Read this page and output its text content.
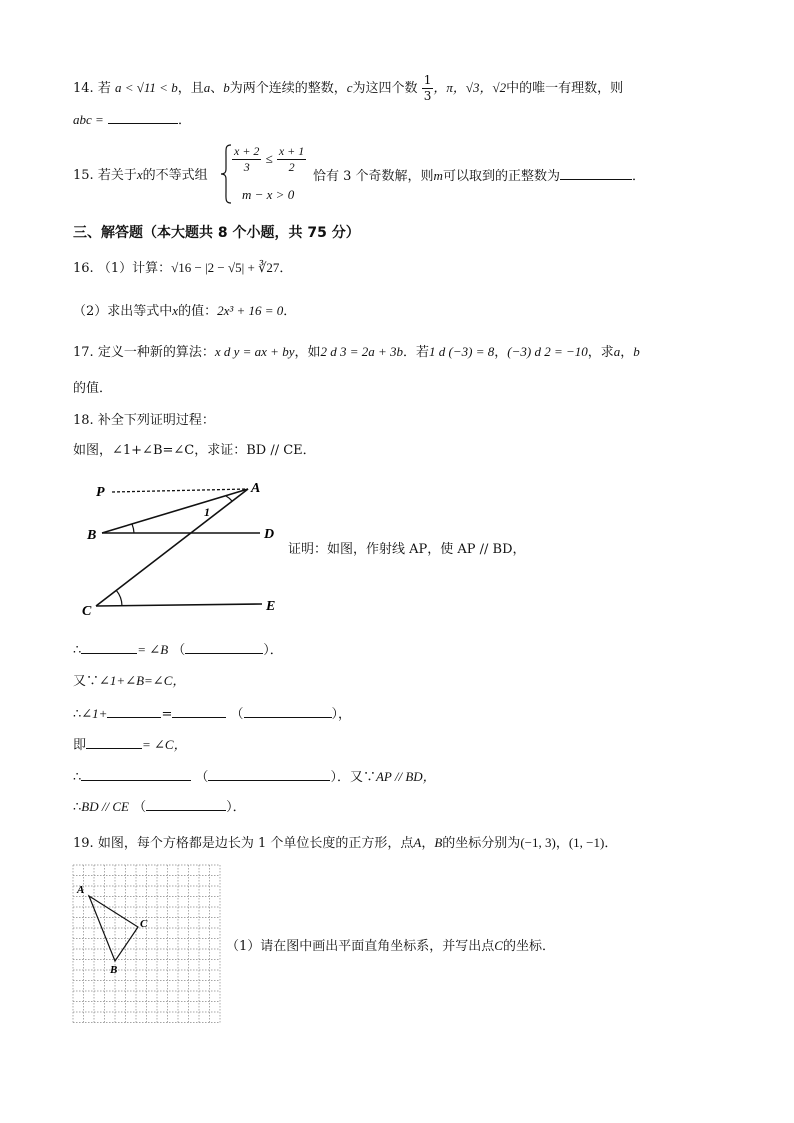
14. 若 a < √11 < b，且a、b为两个连续的整数，c为这四个数 $\frac{1}{3}$ ，π，√3，√2中的唯一有理数，则
abc =	．
15. 若关于x的不等式组
$\frac{x + 2}{3} \le \frac{x + 1}{2}$
m − x > 0
恰有 3 个奇数解，则m可以取到的正整数为	．
三、解答题（本大题共 8 个小题，共 75 分）
16. （1）计算：√16 − |2 − √5| + ∛27．
（2）求出等式中x的值：2x³ + 16 = 0．
17. 定义一种新的算法：x d y = ax + by，如2 d 3 = 2a + 3b．若1 d (−3) = 8，(−3) d 2 = −10，求a，b
的值．
18. 补全下列证明过程：
如图，∠1+∠B=∠C，求证：BD // CE．
P	A
B	D
C	E
1
证明：如图，作射线 AP，使 AP // BD，
∴	= ∠B （	）．
又∵∠1+∠B=∠C，
∴∠1+	=	（	），
即	= ∠C，
∴	（	）．又∵AP // BD，
∴BD // CE （	）．
19. 如图，每个方格都是边长为 1 个单位长度的正方形，点A，B的坐标分别为(−1, 3)，(1, −1)．
A
C
B
（1）请在图中画出平面直角坐标系，并写出点C的坐标．
